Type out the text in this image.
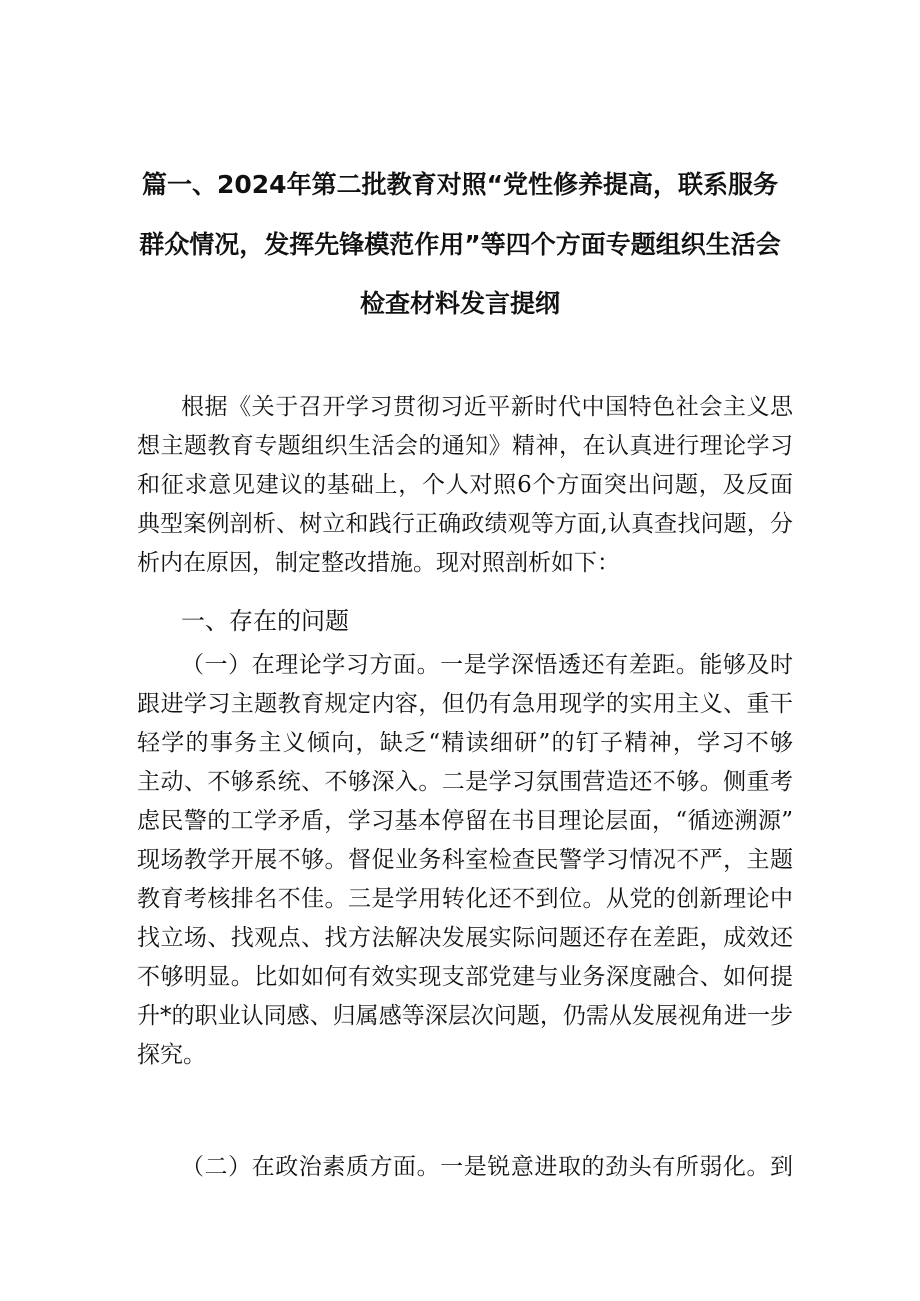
篇一、2024年第二批教育对照“党性修养提高，联系服务
群众情况，发挥先锋模范作用”等四个方面专题组织生活会
检查材料发言提纲
根据《关于召开学习贯彻习近平新时代中国特色社会主义思
想主题教育专题组织生活会的通知》精神，在认真进行理论学习
和征求意见建议的基础上，个人对照6个方面突出问题，及反面
典型案例剖析、树立和践行正确政绩观等方面,认真查找问题，分
析内在原因，制定整改措施。现对照剖析如下：
一、存在的问题
（一）在理论学习方面。一是学深悟透还有差距。能够及时
跟进学习主题教育规定内容，但仍有急用现学的实用主义、重干
轻学的事务主义倾向，缺乏“精读细研”的钉子精神，学习不够
主动、不够系统、不够深入。二是学习氛围营造还不够。侧重考
虑民警的工学矛盾，学习基本停留在书目理论层面，“循迹溯源”
现场教学开展不够。督促业务科室检查民警学习情况不严，主题
教育考核排名不佳。三是学用转化还不到位。从党的创新理论中
找立场、找观点、找方法解决发展实际问题还存在差距，成效还
不够明显。比如如何有效实现支部党建与业务深度融合、如何提
升*的职业认同感、归属感等深层次问题，仍需从发展视角进一步
探究。
（二）在政治素质方面。一是锐意进取的劲头有所弱化。到
